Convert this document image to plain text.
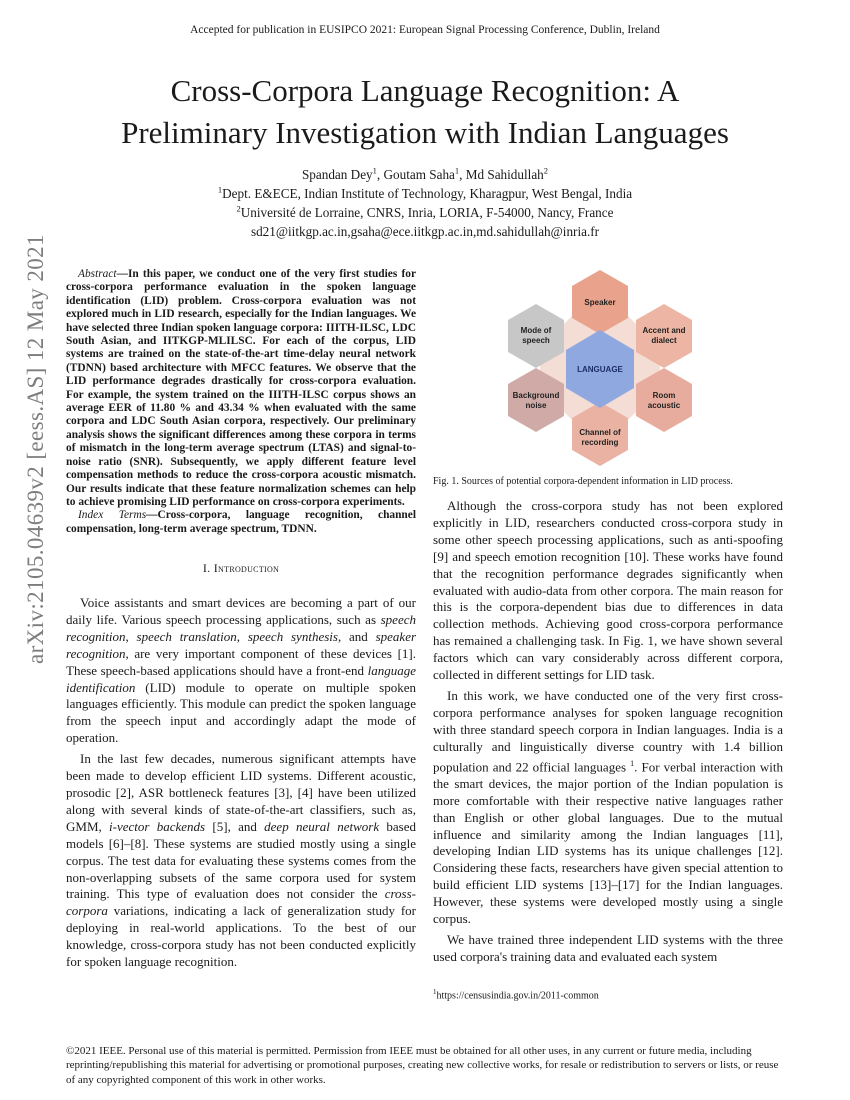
Accepted for publication in EUSIPCO 2021: European Signal Processing Conference, Dublin, Ireland
Cross-Corpora Language Recognition: A
Preliminary Investigation with Indian Languages
Spandan Dey$^1$, Goutam Saha$^1$, Md Sahidullah$^2$
$^1$Dept. E&ECE, Indian Institute of Technology, Kharagpur, West Bengal, India
$^2$Université de Lorraine, CNRS, Inria, LORIA, F-54000, Nancy, France
sd21@iitkgp.ac.in,gsaha@ece.iitkgp.ac.in,md.sahidullah@inria.fr
arXiv:2105.04639v2 [eess.AS] 12 May 2021	Abstract—In this paper, we conduct one of the very first studies for cross-corpora performance evaluation in the spoken language identification (LID) problem. Cross-corpora evaluation was not explored much in LID research, especially for the Indian languages. We have selected three Indian spoken language corpora: IIITH-ILSC, LDC South Asian, and IITKGP-MLILSC. For each of the corpus, LID systems are trained on the state-of-the-art time-delay neural network (TDNN) based architecture with MFCC features. We observe that the LID performance degrades drastically for cross-corpora evaluation. For example, the system trained on the IIITH-ILSC corpus shows an average EER of 11.80 % and 43.34 % when evaluated with the same corpora and LDC South Asian corpora, respectively. Our preliminary analysis shows the significant differences among these corpora in terms of mismatch in the long-term average spectrum (LTAS) and signal-to-noise ratio (SNR). Subsequently, we apply different feature level compensation methods to reduce the cross-corpora acoustic mismatch. Our results indicate that these feature normalization schemes can help to achieve promising LID performance on cross-corpora experiments.

Index Terms—Cross-corpora, language recognition, channel compensation, long-term average spectrum, TDNN.

I. Introduction

Voice assistants and smart devices are becoming a part of our daily life. Various speech processing applications, such as speech recognition, speech translation, speech synthesis, and speaker recognition, are very important component of these devices [1]. These speech-based applications should have a front-end language identification (LID) module to operate on multiple spoken languages efficiently. This module can predict the spoken language from the speech input and accordingly adapt the mode of operation.

In the last few decades, numerous significant attempts have been made to develop efficient LID systems. Different acoustic, prosodic [2], ASR bottleneck features [3], [4] have been utilized along with several kinds of state-of-the-art classifiers, such as, GMM, i-vector backends [5], and deep neural network based models [6]–[8]. These systems are studied mostly using a single corpus. The test data for evaluating these systems comes from the non-overlapping subsets of the same corpora used for system training. This type of evaluation does not consider the cross-corpora variations, indicating a lack of generalization study for deploying in real-world applications. To the best of our knowledge, cross-corpora study has not been conducted explicitly for spoken language recognition.

Speaker
Accent and
dialect
Room
acoustic
Channel of
recording
Background
noise
Mode of
speech
LANGUAGE
Fig. 1. Sources of potential corpora-dependent information in LID process.

Although the cross-corpora study has not been explored explicitly in LID, researchers conducted cross-corpora study in some other speech processing applications, such as anti-spoofing [9] and speech emotion recognition [10]. These works have found that the recognition performance degrades significantly when evaluated with audio-data from other corpora. The main reason for this is the corpora-dependent bias due to differences in data collection methods. Achieving good cross-corpora performance has remained a challenging task. In Fig. 1, we have shown several factors which can vary considerably across different corpora, collected in different settings for LID task.

In this work, we have conducted one of the very first cross-corpora performance analyses for spoken language recognition with three standard speech corpora in Indian languages. India is a culturally and linguistically diverse country with 1.4 billion population and 22 official languages $^1$. For verbal interaction with the smart devices, the major portion of the Indian population is more comfortable with their respective native languages rather than English or other global languages. Due to the mutual influence and similarity among the Indian languages [11], developing Indian LID systems has its unique challenges [12]. Considering these facts, researchers have given special attention to build efficient LID systems [13]–[17] for the Indian languages. However, these systems were developed mostly using a single corpus.

We have trained three independent LID systems with the three used corpora's training data and evaluated each system

$^1$https://censusindia.gov.in/2011-common
©2021 IEEE. Personal use of this material is permitted. Permission from IEEE must be obtained for all other uses, in any current or future media, including reprinting/republishing this material for advertising or promotional purposes, creating new collective works, for resale or redistribution to servers or lists, or reuse of any copyrighted component of this work in other works.
